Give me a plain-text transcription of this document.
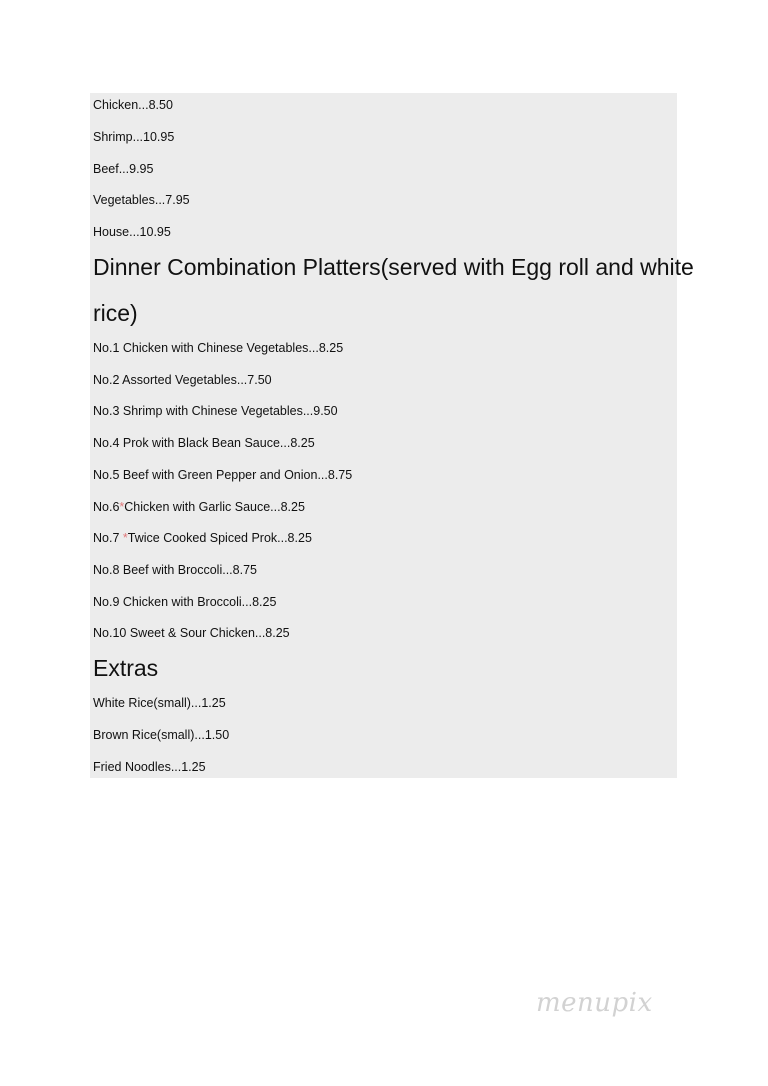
Chicken...8.50
Shrimp...10.95
Beef...9.95
Vegetables...7.95
House...10.95
Dinner Combination Platters(served with Egg roll and white
rice)
No.1 Chicken with Chinese Vegetables...8.25
No.2 Assorted Vegetables...7.50
No.3 Shrimp with Chinese Vegetables...9.50
No.4 Prok with Black Bean Sauce...8.25
No.5 Beef with Green Pepper and Onion...8.75
No.6*Chicken with Garlic Sauce...8.25
No.7 *Twice Cooked Spiced Prok...8.25
No.8 Beef with Broccoli...8.75
No.9 Chicken with Broccoli...8.25
No.10 Sweet & Sour Chicken...8.25
Extras
White Rice(small)...1.25
Brown Rice(small)...1.50
Fried Noodles...1.25
menupix
